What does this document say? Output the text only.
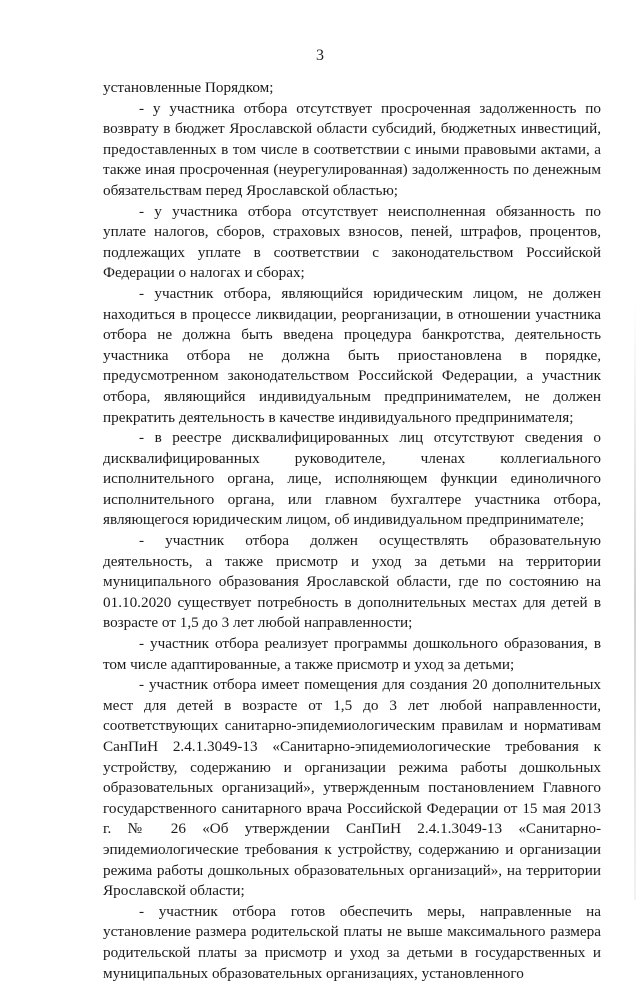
3

установленные Порядком;

- у участника отбора отсутствует просроченная задолженность по возврату в бюджет Ярославской области субсидий, бюджетных инвестиций, предоставленных в том числе в соответствии с иными правовыми актами, а также иная просроченная (неурегулированная) задолженность по денежным обязательствам перед Ярославской областью;

- у участника отбора отсутствует неисполненная обязанность по уплате налогов, сборов, страховых взносов, пеней, штрафов, процентов, подлежащих уплате в соответствии с законодательством Российской Федерации о налогах и сборах;

- участник отбора, являющийся юридическим лицом, не должен находиться в процессе ликвидации, реорганизации, в отношении участника отбора не должна быть введена процедура банкротства, деятельность участника отбора не должна быть приостановлена в порядке, предусмотренном законодательством Российской Федерации, а участник отбора, являющийся индивидуальным предпринимателем, не должен прекратить деятельность в качестве индивидуального предпринимателя;

- в реестре дисквалифицированных лиц отсутствуют сведения о дисквалифицированных руководителе, членах коллегиального исполнительного органа, лице, исполняющем функции единоличного исполнительного органа, или главном бухгалтере участника отбора, являющегося юридическим лицом, об индивидуальном предпринимателе;

- участник отбора должен осуществлять образовательную деятельность, а также присмотр и уход за детьми на территории муниципального образования Ярославской области, где по состоянию на 01.10.2020 существует потребность в дополнительных местах для детей в возрасте от 1,5 до 3 лет любой направленности;

- участник отбора реализует программы дошкольного образования, в том числе адаптированные, а также присмотр и уход за детьми;

- участник отбора имеет помещения для создания 20 дополнительных мест для детей в возрасте от 1,5 до 3 лет любой направленности, соответствующих санитарно-эпидемиологическим правилам и нормативам СанПиН 2.4.1.3049-13 «Санитарно-эпидемиологические требования к устройству, содержанию и организации режима работы дошкольных образовательных организаций», утвержденным постановлением Главного государственного санитарного врача Российской Федерации от 15 мая 2013 г. № 26 «Об утверждении СанПиН 2.4.1.3049-13 «Санитарно-эпидемиологические требования к устройству, содержанию и организации режима работы дошкольных образовательных организаций», на территории Ярославской области;

- участник отбора готов обеспечить меры, направленные на установление размера родительской платы не выше максимального размера родительской платы за присмотр и уход за детьми в государственных и муниципальных образовательных организациях, установленного
